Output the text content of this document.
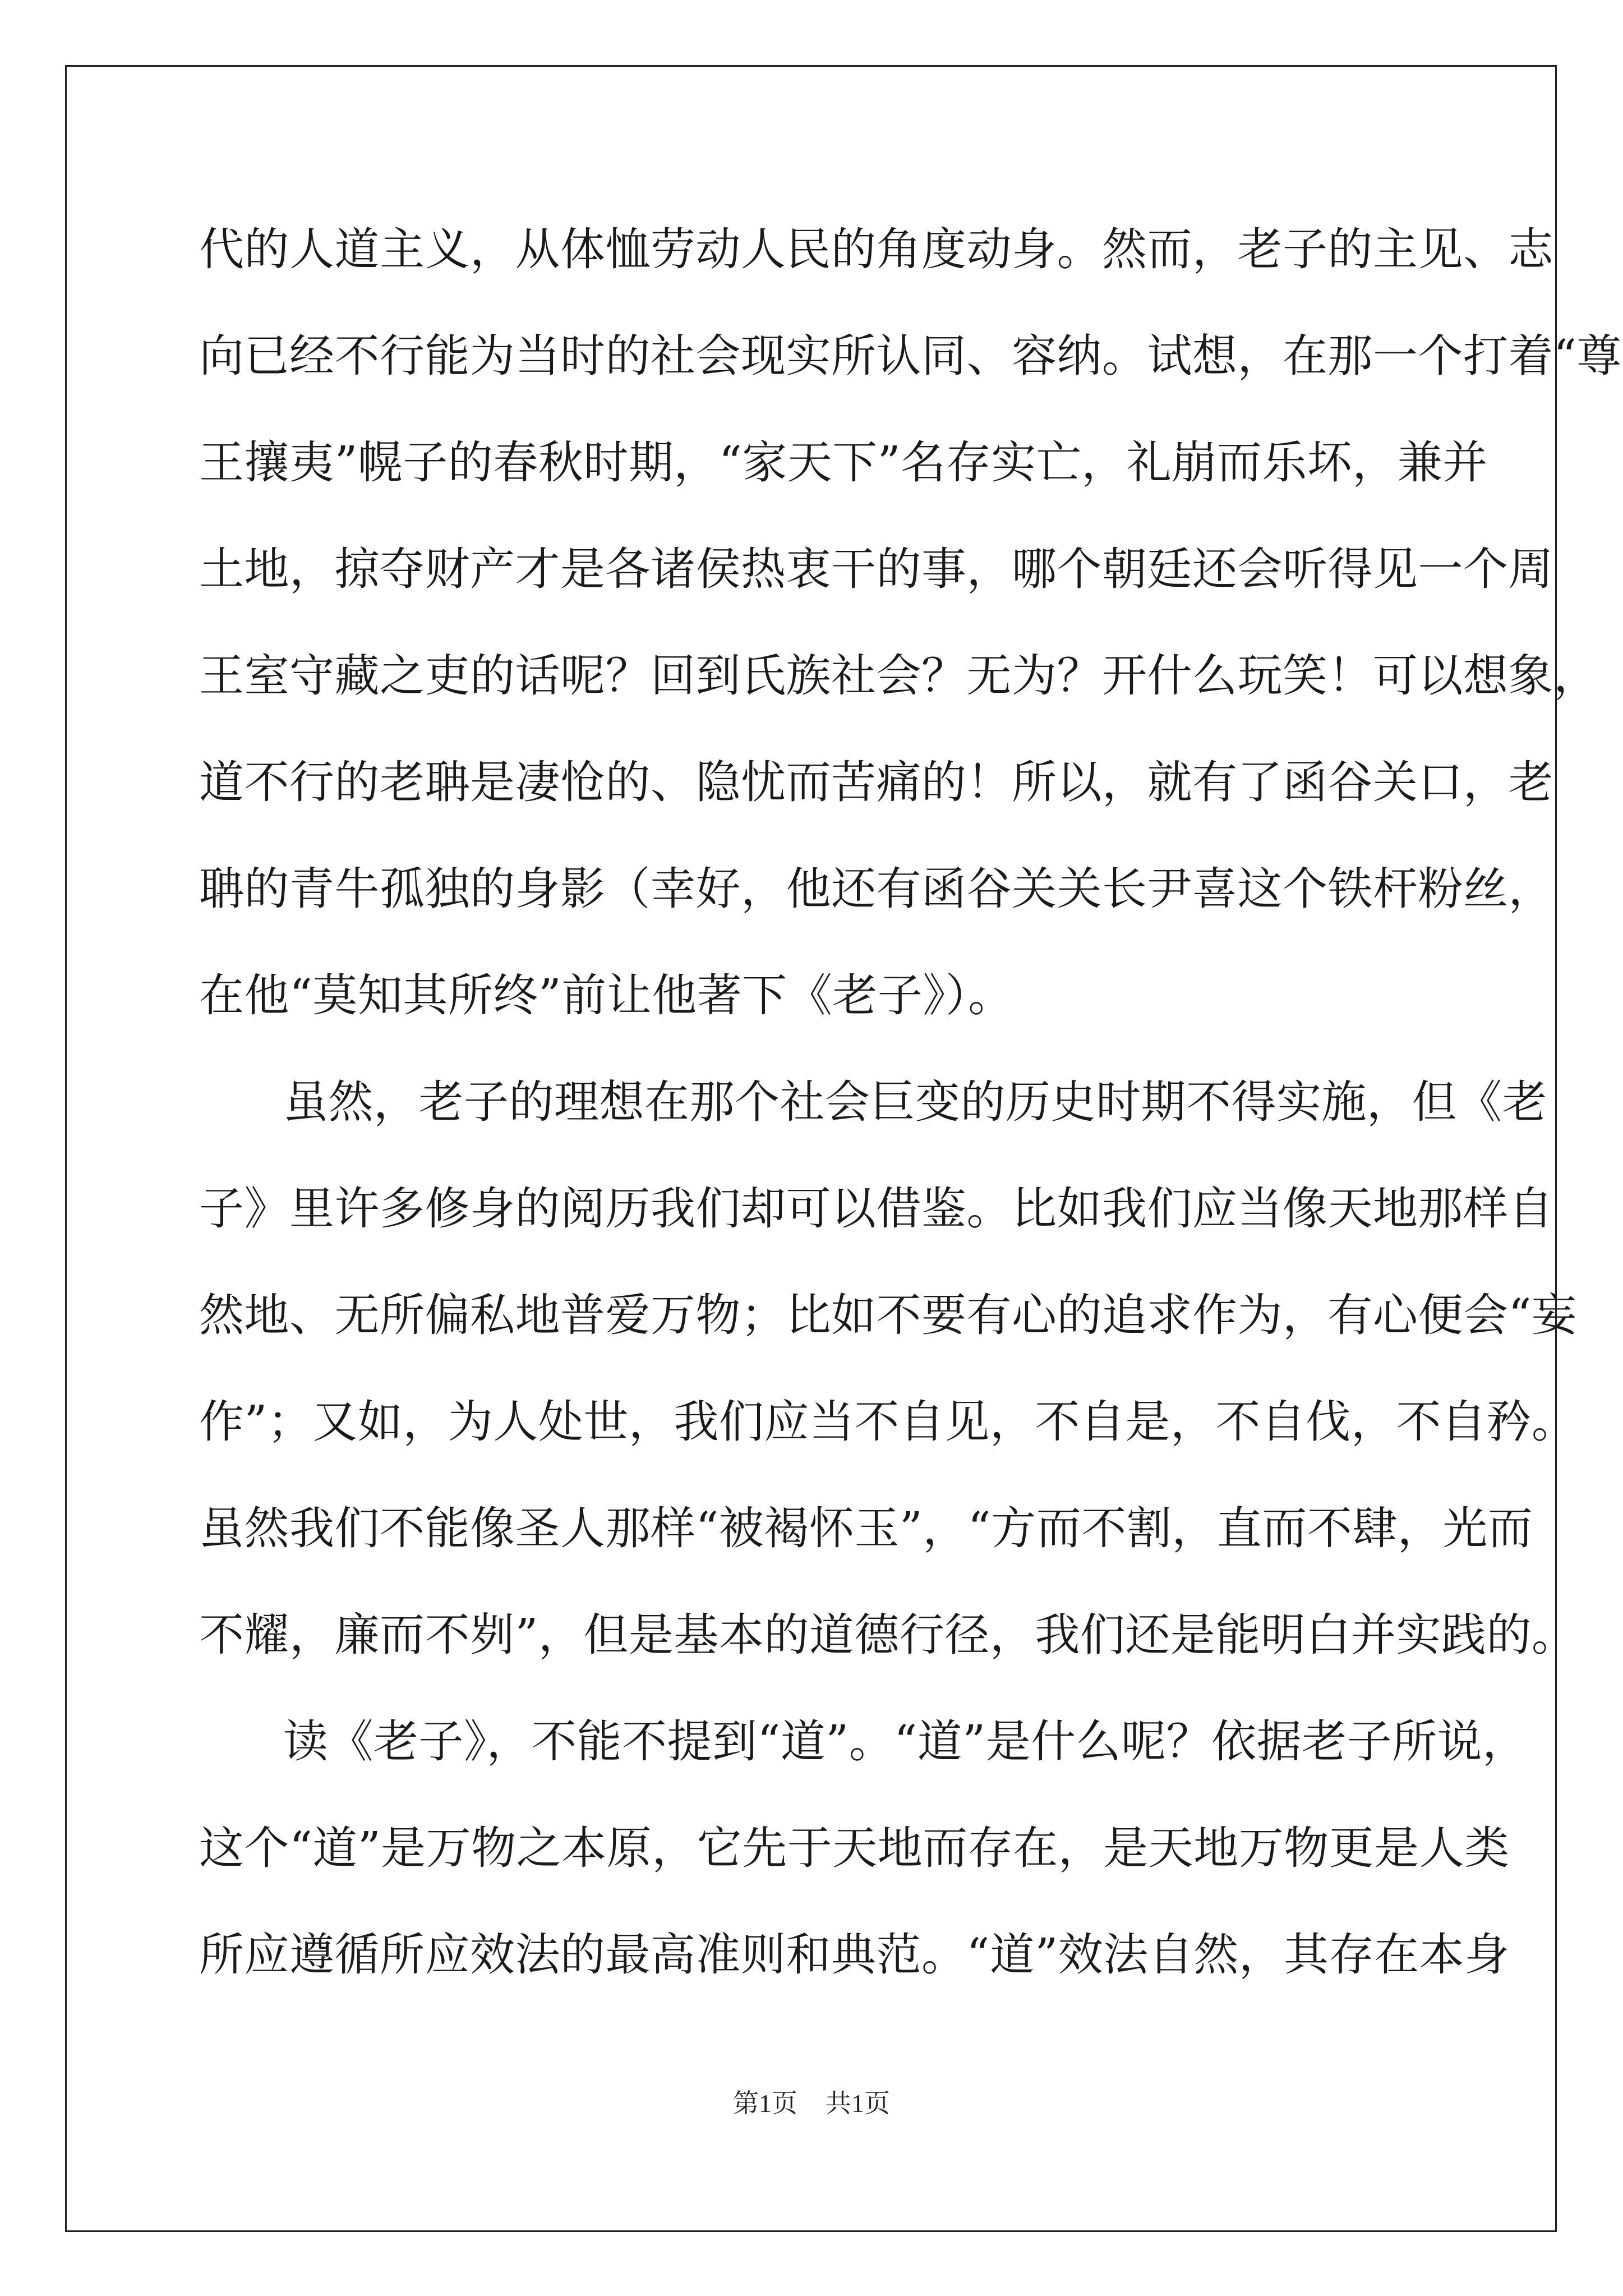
代的人道主义，从体恤劳动人民的角度动身。然而，老子的主见、志
向已经不行能为当时的社会现实所认同、容纳。试想，在那一个打着“尊
王攘夷”幌子的春秋时期，“家天下”名存实亡，礼崩而乐坏，兼并
土地，掠夺财产才是各诸侯热衷干的事，哪个朝廷还会听得见一个周
王室守藏之吏的话呢？回到氏族社会？无为？开什么玩笑！可以想象，
道不行的老聃是凄怆的、隐忧而苦痛的！所以，就有了函谷关口，老
聃的青牛孤独的身影（幸好，他还有函谷关关长尹喜这个铁杆粉丝，
在他“莫知其所终”前让他著下《老子》）。
虽然，老子的理想在那个社会巨变的历史时期不得实施，但《老
子》里许多修身的阅历我们却可以借鉴。比如我们应当像天地那样自
然地、无所偏私地普爱万物；比如不要有心的追求作为，有心便会“妄
作”；又如，为人处世，我们应当不自见，不自是，不自伐，不自矜。
虽然我们不能像圣人那样“被褐怀玉”，“方而不割，直而不肆，光而
不耀，廉而不刿”，但是基本的道德行径，我们还是能明白并实践的。
读《老子》，不能不提到“道”。“道”是什么呢？依据老子所说，
这个“道”是万物之本原，它先于天地而存在，是天地万物更是人类
所应遵循所应效法的最高准则和典范。“道”效法自然，其存在本身
第1页 共1页
